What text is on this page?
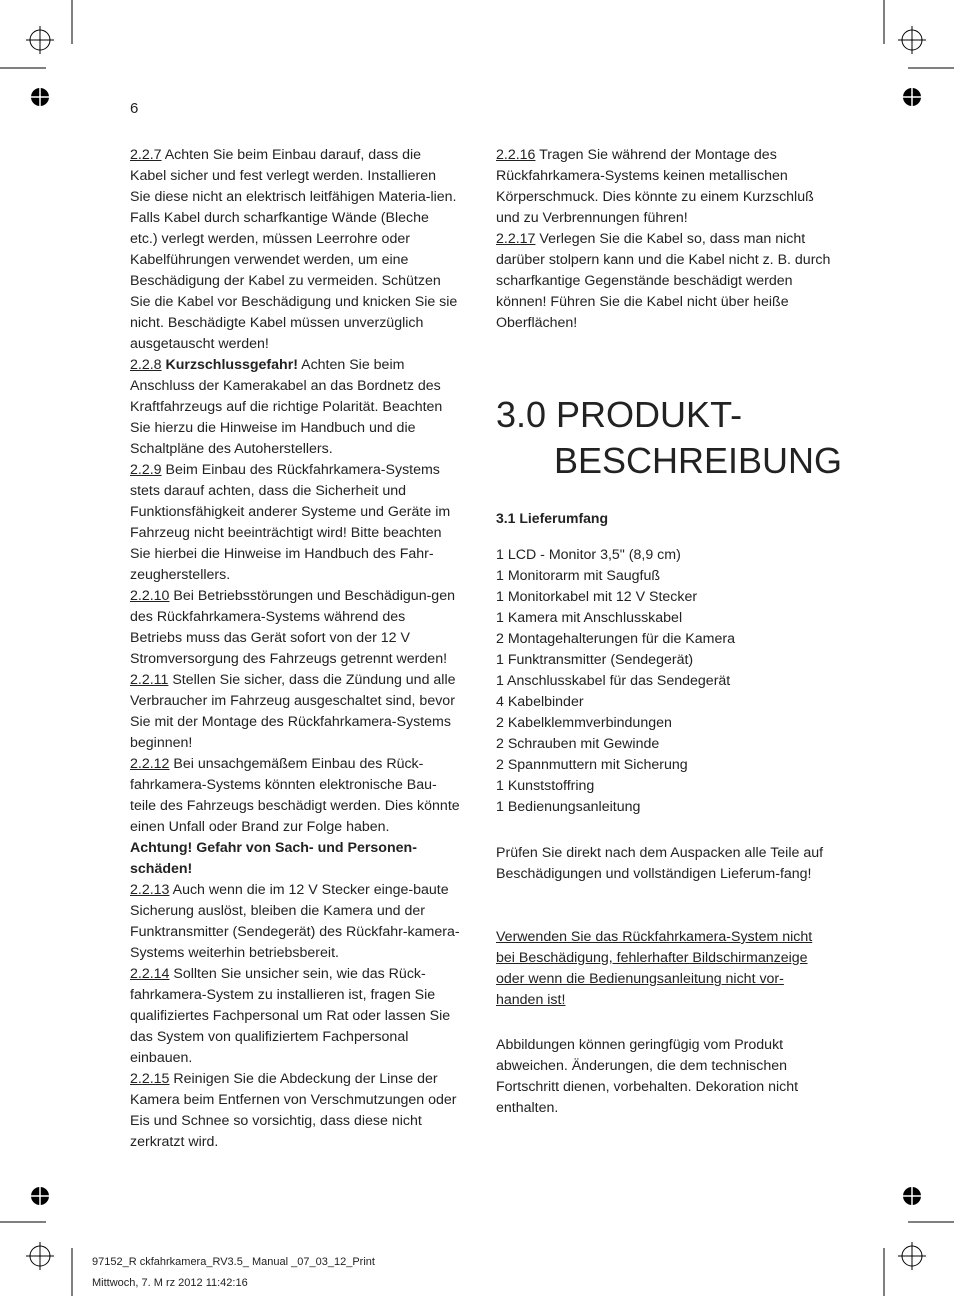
6

2.2.7 Achten Sie beim Einbau darauf, dass die Kabel sicher und fest verlegt werden. Installieren Sie diese nicht an elektrisch leitfähigen Materia-lien. Falls Kabel durch scharfkantige Wände (Bleche etc.) verlegt werden, müssen Leerrohre oder Kabelführungen verwendet werden, um eine Beschädigung der Kabel zu vermeiden. Schützen Sie die Kabel vor Beschädigung und knicken Sie sie nicht. Beschädigte Kabel müssen unverzüglich ausgetauscht werden!

2.2.8 Kurzschlussgefahr! Achten Sie beim Anschluss der Kamerakabel an das Bordnetz des Kraftfahrzeugs auf die richtige Polarität. Beachten Sie hierzu die Hinweise im Handbuch und die Schaltpläne des Autoherstellers.

2.2.9 Beim Einbau des Rückfahrkamera-Systems stets darauf achten, dass die Sicherheit und Funktionsfähigkeit anderer Systeme und Geräte im Fahrzeug nicht beeinträchtigt wird! Bitte beachten Sie hierbei die Hinweise im Handbuch des Fahr-zeugherstellers.

2.2.10 Bei Betriebsstörungen und Beschädigun-gen des Rückfahrkamera-Systems während des Betriebs muss das Gerät sofort von der 12 V Stromversorgung des Fahrzeugs getrennt werden!

2.2.11 Stellen Sie sicher, dass die Zündung und alle Verbraucher im Fahrzeug ausgeschaltet sind, bevor Sie mit der Montage des Rückfahrkamera-Systems beginnen!

2.2.12 Bei unsachgemäßem Einbau des Rück-fahrkamera-Systems könnten elektronische Bau-teile des Fahrzeugs beschädigt werden. Dies könnte einen Unfall oder Brand zur Folge haben.

Achtung! Gefahr von Sach- und Personen-schäden!

2.2.13 Auch wenn die im 12 V Stecker einge-baute Sicherung auslöst, bleiben die Kamera und der Funktransmitter (Sendegerät) des Rückfahr-kamera-Systems weiterhin betriebsbereit.

2.2.14 Sollten Sie unsicher sein, wie das Rück-fahrkamera-System zu installieren ist, fragen Sie qualifiziertes Fachpersonal um Rat oder lassen Sie das System von qualifiziertem Fachpersonal einbauen.

2.2.15 Reinigen Sie die Abdeckung der Linse der Kamera beim Entfernen von Verschmutzungen oder Eis und Schnee so vorsichtig, dass diese nicht zerkratzt wird.

2.2.16 Tragen Sie während der Montage des Rückfahrkamera-Systems keinen metallischen Körperschmuck. Dies könnte zu einem Kurzschluß und zu Verbrennungen führen!

2.2.17 Verlegen Sie die Kabel so, dass man nicht darüber stolpern kann und die Kabel nicht z. B. durch scharfkantige Gegenstände beschädigt werden können! Führen Sie die Kabel nicht über heiße Oberflächen!

3.0 PRODUKT-
BESCHREIBUNG
3.1 Lieferumfang
1 LCD - Monitor 3,5" (8,9 cm)
1 Monitorarm mit Saugfuß
1 Monitorkabel mit 12 V Stecker
1 Kamera mit Anschlusskabel
2 Montagehalterungen für die Kamera
1 Funktransmitter (Sendegerät)
1 Anschlusskabel für das Sendegerät
4 Kabelbinder
2 Kabelklemmverbindungen
2 Schrauben mit Gewinde
2 Spannmuttern mit Sicherung
1 Kunststoffring
1 Bedienungsanleitung

Prüfen Sie direkt nach dem Auspacken alle Teile auf Beschädigungen und vollständigen Lieferum-fang!

Verwenden Sie das Rückfahrkamera-System nicht bei Beschädigung, fehlerhafter Bildschirmanzeige oder wenn die Bedienungsanleitung nicht vor-handen ist!

Abbildungen können geringfügig vom Produkt abweichen. Änderungen, die dem technischen Fortschritt dienen, vorbehalten. Dekoration nicht enthalten.

97152_R ckfahrkamera_RV3.5_ Manual _07_03_12_Print
Mittwoch, 7. M rz 2012 11:42:16
